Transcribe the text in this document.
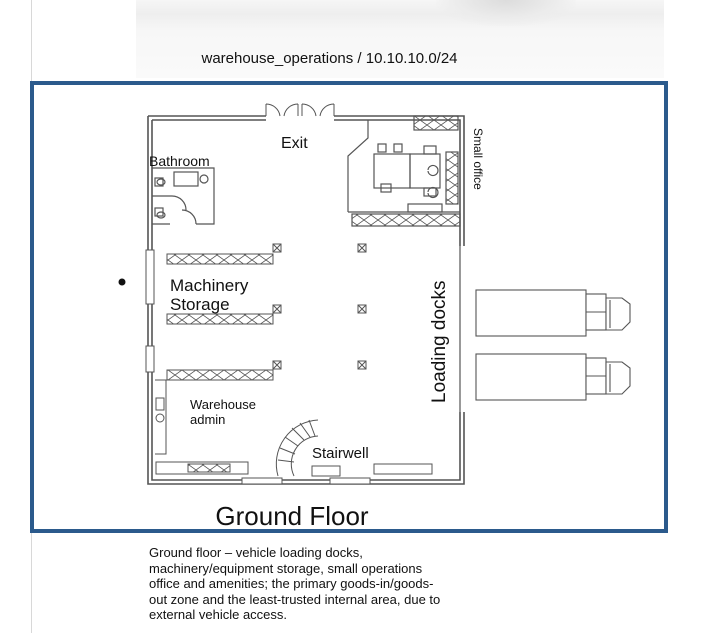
warehouse_operations / 10.10.10.0/24
Exit
Bathroom	Small office
Machinery
Storage	Loading docks
Warehouse
admin
Stairwell
Ground Floor
Ground floor – vehicle loading docks, machinery/equipment storage, small operations office and amenities; the primary goods-in/goods-out zone and the least-trusted internal area, due to external vehicle access.
